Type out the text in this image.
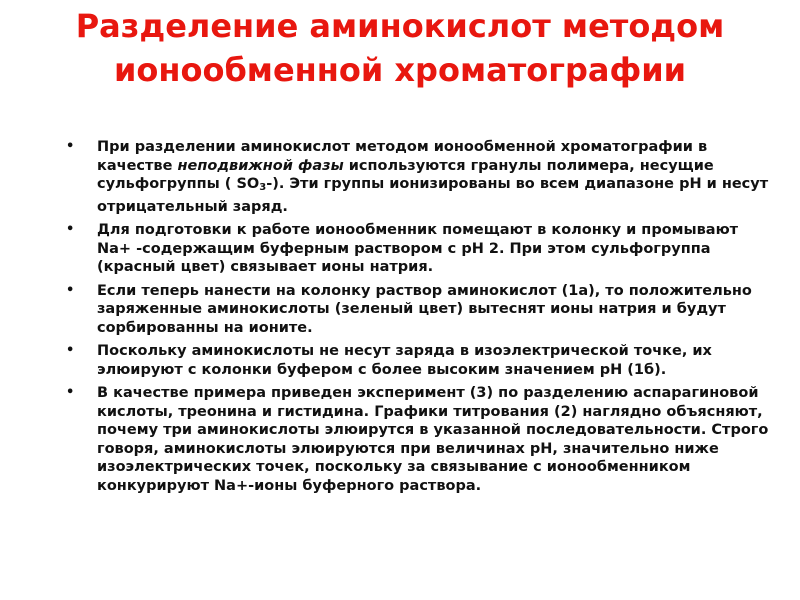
Разделение аминокислот методом ионообменной хроматографии
• При разделении аминокислот методом ионообменной хроматографии в качестве неподвижной фазы используются гранулы полимера, несущие сульфогруппы ( $SO_3-$). Эти группы ионизированы во всем диапазоне рН и несут отрицательный заряд.
• Для подготовки к работе ионообменник помещают в колонку и промывают Na+ -содержащим буферным раствором с рН 2. При этом сульфогруппа (красный цвет) связывает ионы натрия.
• Если теперь нанести на колонку раствор аминокислот (1а), то положительно заряженные аминокислоты (зеленый цвет) вытеснят ионы натрия и будут сорбированны на ионите.
• Поскольку аминокислоты не несут заряда в изоэлектрической точке, их элюируют с колонки буфером с более высоким значением рН (1б).
• В качестве примера приведен эксперимент (3) по разделению аспарагиновой кислоты, треонина и гистидина. Графики титрования (2) наглядно объясняют, почему три аминокислоты элюирутся в указанной последовательности. Строго говоря, аминокислоты элюируются при величинах рН, значительно ниже изоэлектрических точек, поскольку за связывание с ионообменником конкурируют Na+-ионы буферного раствора.
